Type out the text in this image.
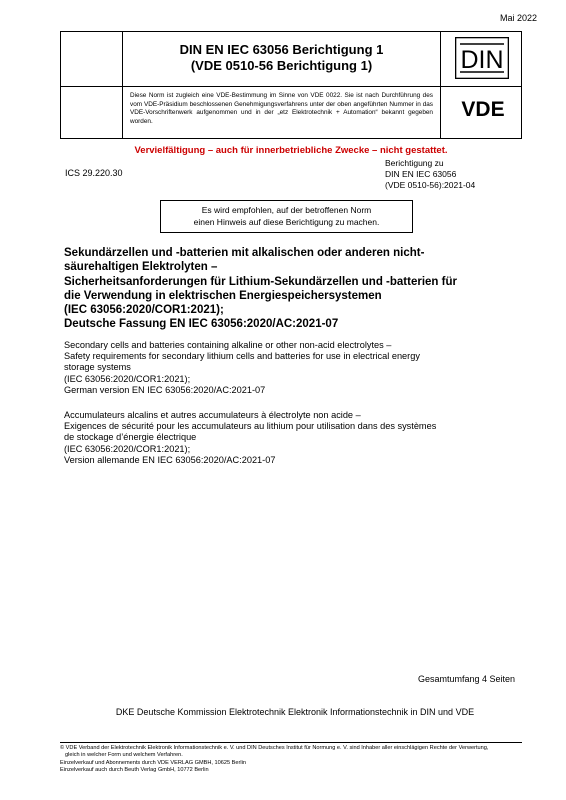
Mai 2022
DIN EN IEC 63056 Berichtigung 1
(VDE 0510-56 Berichtigung 1)	DIN
Diese Norm ist zugleich eine VDE-Bestimmung im Sinne von VDE 0022. Sie ist nach Durchführung des vom VDE-Präsidium beschlossenen Genehmigungsverfahrens unter der oben angeführten Nummer in das VDE-Vorschriftenwerk aufgenommen und in der „etz Elektrotechnik + Automation“ bekannt gegeben worden.
VDE
Vervielfältigung – auch für innerbetriebliche Zwecke – nicht gestattet.
ICS 29.220.30
Berichtigung zu
DIN EN IEC 63056
(VDE 0510-56):2021-04
Es wird empfohlen, auf der betroffenen Norm
einen Hinweis auf diese Berichtigung zu machen.
Sekundärzellen und -batterien mit alkalischen oder anderen nicht-
säurehaltigen Elektrolyten –
Sicherheitsanforderungen für Lithium-Sekundärzellen und -batterien für
die Verwendung in elektrischen Energiespeichersystemen
(IEC 63056:2020/COR1:2021);
Deutsche Fassung EN IEC 63056:2020/AC:2021-07
Secondary cells and batteries containing alkaline or other non-acid electrolytes –
Safety requirements for secondary lithium cells and batteries for use in electrical energy
storage systems
(IEC 63056:2020/COR1:2021);
German version EN IEC 63056:2020/AC:2021-07
Accumulateurs alcalins et autres accumulateurs à électrolyte non acide –
Exigences de sécurité pour les accumulateurs au lithium pour utilisation dans des systèmes
de stockage d’énergie électrique
(IEC 63056:2020/COR1:2021);
Version allemande EN IEC 63056:2020/AC:2021-07
Gesamtumfang 4 Seiten
DKE Deutsche Kommission Elektrotechnik Elektronik Informationstechnik in DIN und VDE
© VDE Verband der Elektrotechnik Elektronik Informationstechnik e. V. und DIN Deutsches Institut für Normung e. V. sind Inhaber aller einschlägigen Rechte der Verwertung,
gleich in welcher Form und welchem Verfahren.
Einzelverkauf und Abonnements durch VDE VERLAG GMBH, 10625 Berlin
Einzelverkauf auch durch Beuth Verlag GmbH, 10772 Berlin
